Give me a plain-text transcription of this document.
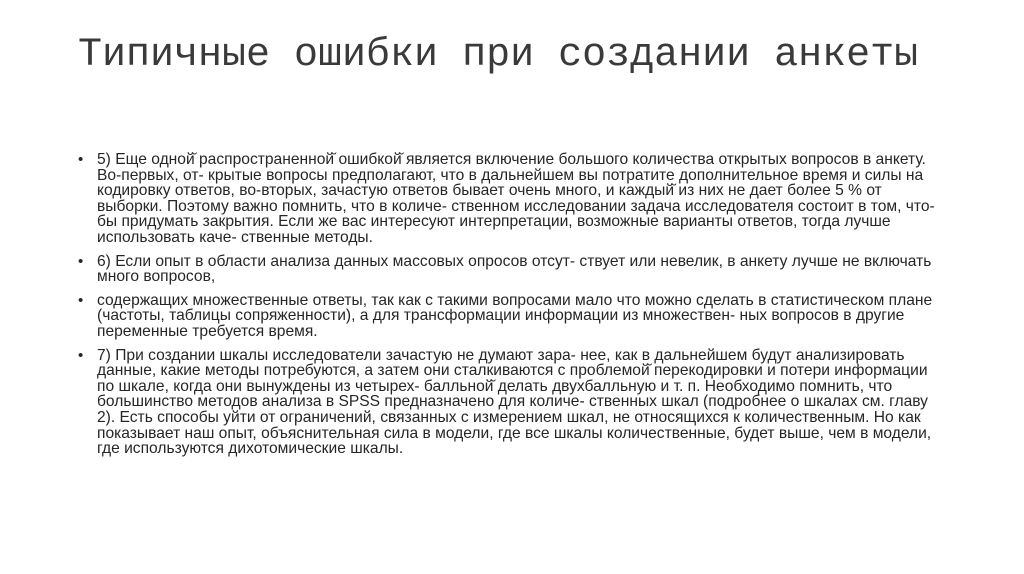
Типичные ошибки при создании анкеты
• 5) Еще одной̆ распространенной̆ ошибкой̆ является включение большого количества открытых вопросов в анкету. Во-первых, от- крытые вопросы предполагают, что в дальнейшем вы потратите дополнительное время и силы на кодировку ответов, во-вторых, зачастую ответов бывает очень много, и каждый̆ из них не дает более 5 % от выборки. Поэтому важно помнить, что в количе- ственном исследовании задача исследователя состоит в том, что- бы придумать закрытия. Если же вас интересуют интерпретации, возможные варианты ответов, тогда лучше использовать каче- ственные методы.
• 6) Если опыт в области анализа данных массовых опросов отсут- ствует или невелик, в анкету лучше не включать много вопросов,
• содержащих множественные ответы, так как с такими вопросами мало что можно сделать в статистическом плане (частоты, таблицы сопряженности), а для трансформации информации из множествен- ных вопросов в другие переменные требуется время.
• 7) При создании шкалы исследователи зачастую не думают зара- нее, как в дальнейшем будут анализировать данные, какие методы потребуются, а затем они сталкиваются с проблемой̆ перекодировки и потери информации по шкале, когда они вынуждены из четырех- балльной̆ делать двухбалльную и т. п. Необходимо помнить, что большинство методов анализа в SPSS предназначено для количе- ственных шкал (подробнее о шкалах см. главу 2). Есть способы уйти от ограничений, связанных с измерением шкал, не относящихся к количественным. Но как показывает наш опыт, объяснительная сила в модели, где все шкалы количественные, будет выше, чем в модели, где используются дихотомические шкалы.
